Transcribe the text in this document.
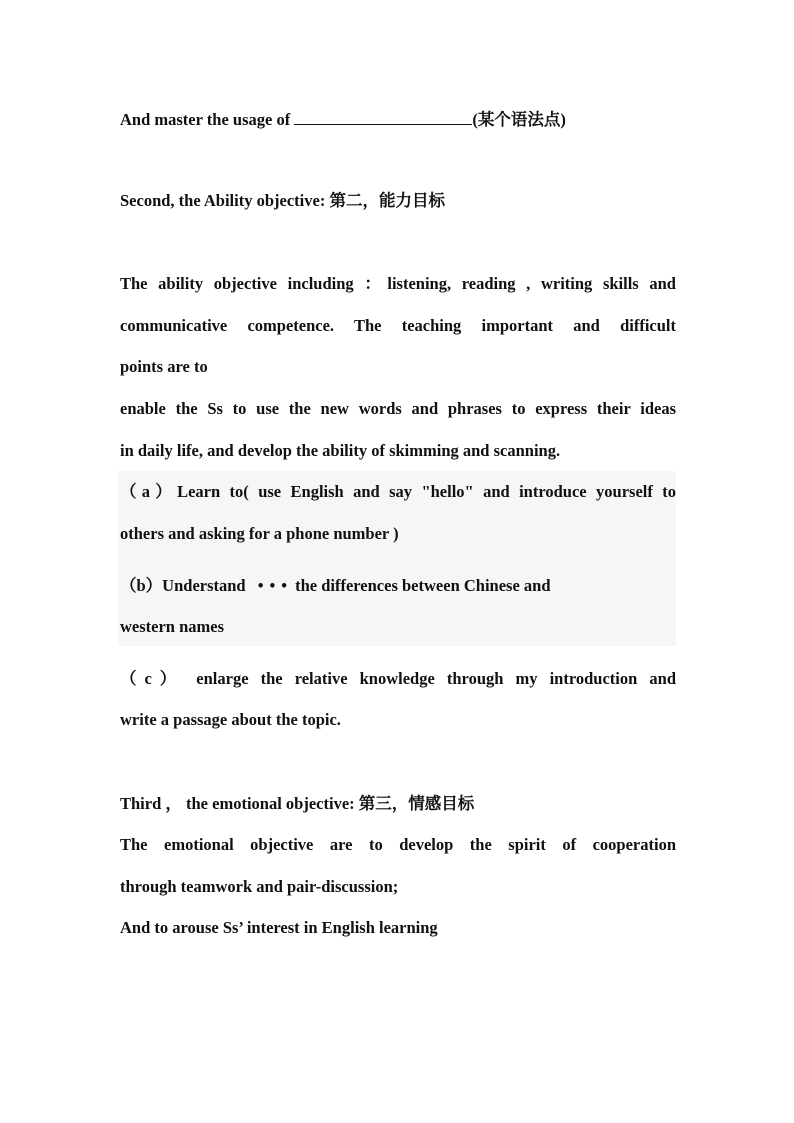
And master the usage of	(某个语法点)
Second, the Ability objective: 第二，能力目标
The ability objective including ：listening, reading , writing skills and
communicative competence. The teaching important and difficult
points are to
enable the Ss to use the new words and phrases to express their ideas
in daily life, and develop the ability of skimming and scanning.
（a）Learn to( use English and say "hello" and introduce yourself to
others and asking for a phone number )
（b）Understand ••• the differences between Chinese and
western names
（c） enlarge the relative knowledge through my introduction and
write a passage about the topic.
Third ， the emotional objective: 第三，情感目标
The emotional objective are to develop the spirit of cooperation
through teamwork and pair-discussion;
And to arouse Ss’ interest in English learning
